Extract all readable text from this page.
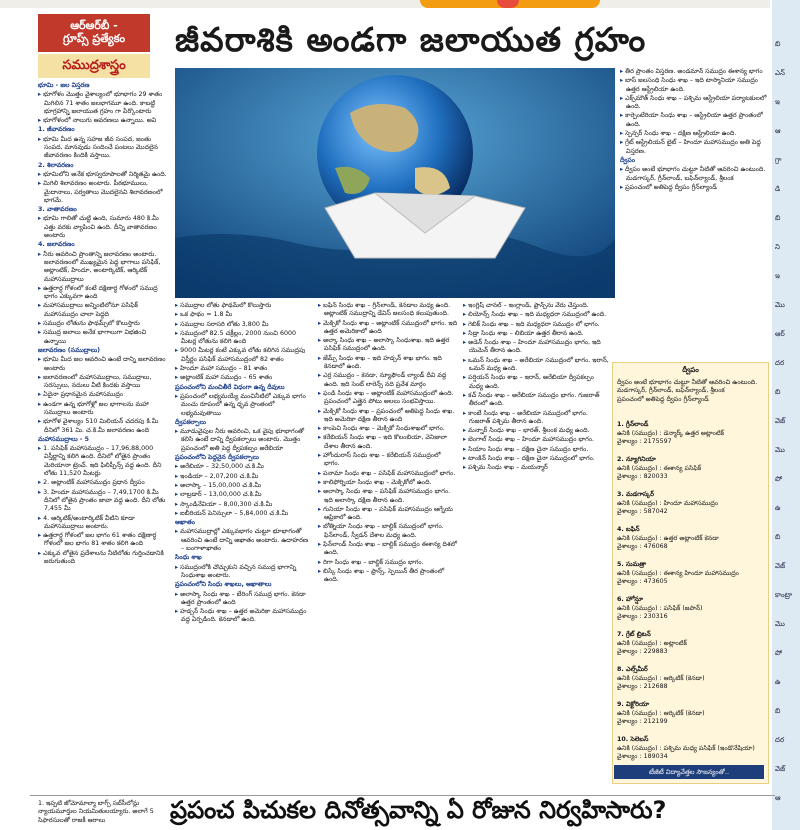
ఆర్‌ఆర్‌బీ -
గ్రూప్స్‌ ప్రత్యేకం
సముద్రశాస్త్రం
జీవరాశికి అండగా జలాయుత గ్రహం

భూమి - జల విస్తరణ

▸ భూగోళం మొత్తం వైశాల్యంలో భూభాగం 29 శాతం మిగిలిన 71 శాతం జలభాగమూ ఉంది. కాబట్టి భూగ్రహాన్ని జలాయుత గ్రహం గా పేర్కొంటారు

▸ భూగోళంలో నాలుగు ఆవరణలు ఉన్నాయి. అవి

1. జీవావరణం

▸ భూమి మీద ఉన్న సహజ జీవ సంపద, జంతు సంపద, మానవుడు సందించే పంటలు మొదలైన జీవావరణం కిందికి వస్తాయి.

2. శిలావరణం

▸ భూమిలోని అనేక భూస్వరూపాలతో నిర్మితమై ఉంది.

▸ మిగిలి శిలావరణం అంటారు. పీఠభూములు, మైదానాలు, పర్వతాలు మొదలైనవి శిలావరణంలో భాగమే.

3. వాతావరణం

▸ భూమి గాలితో చుట్టి ఉంది, సుమారు 480 కి.మీ ఎత్తు వరకు వ్యాపించి ఉంది. దీన్ని వాతావరణం అంటారు

4. జలావరణం

▸ నీరు ఆవరించి ప్రాంతాన్ని జలావరణం అంటారు. జలావరణంలో ముఖ్యమైన పెద్ద భాగాలు పసిఫిక్, అట్లాంటిక్, హిందూ, అంటార్కిటిక్, ఆర్కిటిక్ మహాసముద్రాలు

▸ ఉత్తరార్ధ గోళంలో కంటే దక్షిణార్ధ గోళంలో సముద్ర భాగం ఎక్కువగా ఉంది

▸ మహాసముద్రాలు అన్నింటిలోనూ పసిఫిక్ మహాసముద్రం చాలా పెద్దది

▸ సముద్రం లోతును ఫాథమ్స్‌లో కొలుస్తారు

▸ సముద్ర జలాలు అనేక భాగాలుగా విభజించి ఉన్నాయి

జలావరణం (సముద్రాలు)

▸ భూమి మీద జల ఆవరించి ఉంటే దాన్ని జలావరణం అంటారు

▸ జలావరణంలో మహాసముద్రాలు, సముద్రాలు, సరస్సులు, నదులు వీటి కిందకు వస్తాయి

▸ ఏదైనా ప్రధానమైన మహాసముద్రం

▸ ఉండగా ఉన్న భూగోళ్లో జల భాగాలను మహా సముద్రాలు అంటారు

▸ భూగోళ వైశాల్యం 510 మిలియన్ చదరపు కి.మీ దీనిలో 361 మి. చ.కి.మీ జలావరణం ఉంది

మహాసముద్రాలు - 5

▸ 1. పసిఫిక్ మహాసముద్రం – 17,96,88,000 విస్తీర్ణాన్ని కలిగి ఉంది. దీనిలో లోతైన ప్రాంతం మెరియానా ట్రెంచ్. ఇది ఫిలిప్పీన్స్ వద్ద ఉంది. దీని లోతు 11,520 మీటర్లు

▸ 2. అట్లాంటిక్ మహాసముద్రం ప్రధాన ద్వీపం

▸ 3. హిందూ మహాసముద్రం – 7,49,1700 కి.మీ దీనిలో లోతైన ప్రాంతం జావా వద్ద ఉంది. దీని లోతు 7,455 మీ

▸ 4. ఆర్కిటిక్/అంటార్కిటిక్ వీటిని కూడా మహాసముద్రాలు అంటారు.

▸ ఉత్తరార్ధ గోళంలో జల భాగం 61 శాతం దక్షిణార్ధ గోళంలో జల భాగం 81 శాతం కలిగి ఉంది

▸ ఎక్కువ లోతైన ప్రదేశాలను నీటిలోతు గుర్తించడానికి జరుగుతుంది

▸ సముద్రాల లోతు ఫాథమ్‌లో కొలుస్తారు

▸ ఒక ఫాథం = 1.8 మీ

▸ సముద్రాల సరాసరి లోతు 3,800 మీ

▸ సముద్రంలో 82.5 చక్రీల్లం, 2000 నుంచి 6000 మీటర్ల లోతును కలిగి ఉంది

▸ 9000 మీటర్ల కంటే ఎక్కువ లోతు కలిగిన సముద్రపు విస్తీర్ణం పసిఫిక్ మహాసముద్రంలో 82 శాతం

▸ హిందూ మహా సముద్రం – 81 శాతం

▸ అట్లాంటిక్ మహా సముద్రం – 65 శాతం

ప్రపంచంలోని మంచితీరే విధంగా ఉన్న దీవులు

▸ ప్రపంచంలో లభ్యమయ్యే మంచినీటిలో ఎక్కువ భాగం మంచు రూపంలో ఉన్న ధృవ ప్రాంతంలో లభ్యమవుతాయి

ద్వీపకల్పాలు

▸ మూడువైపుల నీరు ఆవరించి, ఒక వైపు భూభాగంతో కలిసి ఉంటే దాన్ని ద్వీపకల్పాలు అంటారు. మొత్తం ప్రపంచంలో అతి పెద్ద ద్వీపకల్పం అరేబియా

ప్రపంచంలోని పెద్దనైన ద్వీపకల్పాలు

▸ అరేబియా – 32,50,000 చ.కి.మీ

▸ ఇండియా – 2,07,200 చ.కి.మీ

▸ అలాస్కా – 15,00,000 చ.కి.మీ

▸ లాబ్రడార్ – 13,00,000 చ.కి.మీ

▸ స్కాండినేవియా – 8,00,300 చ.కి.మీ

▸ ఐబీరియన్ పెనిన్సులా – 5,84,000 చ.కి.మీ

అఖాతం

▸ మహాసముద్రాల్లో ఎక్కువభాగం చుట్టూ భూభాగంతో ఆవరించి ఉంటే దాన్ని అఖాతం అంటారు. ఉదాహరణ – బంగాళాఖాతం

సింధు శాఖ

▸ సముద్రంలోకి చొచ్చుకుని వచ్చిన సముద్ర భాగాన్ని సింధుశాఖ అంటారు.

ప్రపంచంలోని సింధు శాఖలు, అఖాతాలు

▸ అలాస్కా సింధు శాఖ – బేరింగ్ సముద్ర భాగం. కెనడా ఉత్తర ప్రాంతంలో ఉంది

▸ హడ్సన్ సింధు శాఖ – ఉత్తర అమెరికా మహాసముద్రం వద్ద ఏర్పడింది. కెనడాలో ఉంది.

▸ బఫిన్ సింధు శాఖ – గ్రీన్‌లాండ్, కెనడాల మధ్య ఉంది. అట్లాంటిక్ సముద్రాన్ని డేవిస్ జలసంధి కలుపుతుంది.

▸ మెక్సికో సింధు శాఖ – అట్లాంటిక్ సముద్రంలో భాగం. ఇది ఉత్తర అమెరికాలో ఉంది

▸ అల్కా సింధు శాఖ – అలాస్కా సింధుశాఖ. ఇది ఉత్తర పసిఫిక్ సముద్రంలో ఉంది.

▸ జేమ్స్ సింధు శాఖ – ఇది హడ్సన్ శాఖ భాగం. ఇది కెనడాలో ఉంది.

▸ ఎర్ర సముద్రం – కెనడా, న్యూఫౌండ్ ల్యాండ్ దీవి వద్ద ఉంది. ఇది సెంట్ లారెన్స్ నది ప్రవేశ మార్గం

▸ ఫండి సింధు శాఖ – అట్లాంటిక్ మహాసముద్రంలో ఉంది. ప్రపంచంలో ఎత్తైన పోటు అలలు సంభవిస్తాయి.

▸ మెక్సికో సింధు శాఖ – ప్రపంచంలో అతిపెద్ద సింధు శాఖ. ఇది అమెరికా దక్షిణ తీరాన ఉంది

▸ కాంపెచి సింధు శాఖ – మెక్సికో సింధుశాఖలో భాగం.

▸ కరేబియన్ సింధు శాఖ – ఇది కొలంబియా, వెనిజులా దేశాల తీరాన ఉంది.

▸ హోండురాస్ సింధు శాఖ – కరేబియన్ సముద్రంలో భాగం.

▸ పనామా సింధు శాఖ – పసిఫిక్ మహాసముద్రంలో భాగం.

▸ కాలిఫోర్నియా సింధు శాఖ – మెక్సికోలో ఉంది.

▸ అలాస్కా సింధు శాఖ – పసిఫిక్ మహాసముద్రం భాగం. ఇది అలాస్కా దక్షిణ తీరాన ఉంది.

▸ గునియా సింధు శాఖ – పసిఫిక్ మహాసముద్రం ఆగ్నేయ ఆఫ్రికాలో ఉంది.

▸ బోత్నియా సింధు శాఖ – బాల్టిక్ సముద్రంలో భాగం. ఫిన్‌లాండ్, స్వీడన్ దేశాల మధ్య ఉంది.

▸ ఫిన్‌లాండ్ సింధు శాఖ – బాల్టిక్ సముద్రం ఈశాన్య దిశలో ఉంది.

▸ రిగా సింధు శాఖ – బాల్టిక్ సముద్రం భాగం.

▸ బిస్కే సింధు శాఖ – ఫ్రాన్స్, స్పెయిన్ తీర ప్రాంతంలో ఉంది.

▸ ఇంగ్లిష్ చానల్ – ఇంగ్లాండ్, ఫ్రాన్స్‌ను వేరు చేస్తుంది.

▸ లియోన్స్ సింధు శాఖ – ఇది మధ్యధరా సముద్రంలో ఉంది.

▸ గెబిక్ సింధు శాఖ – ఇది మధ్యధరా సముద్రం లో భాగం.

▸ సిడ్రా సింధు శాఖ – లిబియా ఉత్తర తీరాన ఉంది.

▸ అడెన్ సింధు శాఖ – హిందూ మహాసముద్రం భాగం, ఇది యెమెన్ తీరాన ఉంది.

▸ ఒమన్ సింధు శాఖ – అరేబియా సముద్రంలో భాగం. ఇరాన్, ఒమన్ మధ్య ఉంది.

▸ పర్షియన్ సింధు శాఖ – ఇరాన్, అరేబియా ద్వీపకల్పం మధ్య ఉంది.

▸ కచ్ సింధు శాఖ – అరేబియా సముద్రం భాగం. గుజరాత్ తీరంలో ఉంది.

▸ కాంబే సింధు శాఖ – అరేబియా సముద్రంలో భాగం. గుజరాత్ పశ్చిమ తీరాన ఉంది.

▸ మన్నార్ సింధు శాఖ – భారత్, శ్రీలంక మధ్య ఉంది.

▸ బెంగాల్ సింధు శాఖ – హిందూ మహాసముద్రం భాగం.

▸ సియాం సింధు శాఖ – దక్షిణ చైనా సముద్రం భాగం.

▸ టాంకిన్ సింధు శాఖ – దక్షిణ చైనా సముద్రంలో భాగం.

▸ పశ్చిమ సింధు శాఖ – మయన్మార్

▸ తీర ప్రాంతం విస్తరణ. అండమాన్ సముద్రం ఈశాన్య భాగం

▸ బాస్ జలసంధి సింధు శాఖ – ఇది టాస్మానియా సముద్రం ఉత్తర ఆస్ట్రేలియా ఉంది.

▸ ఎక్స్‌మౌత్ సింధు శాఖ – పశ్చిమ ఆస్ట్రేలియా పర్యాటకులలో ఉంది.

▸ కార్పెంటేరియా సింధు శాఖ – ఆస్ట్రేలియా ఉత్తర ప్రాంతంలో ఉంది.

▸ స్పెన్సర్ సింధు శాఖ – దక్షిణ ఆస్ట్రేలియా ఉంది.

▸ గ్రేట్ ఆస్ట్రేలియన్ బైట్ – హిందూ మహాసముద్రం అతి పెద్ద విస్తరణ.

ద్వీపం

▸ ద్వీపం అంటే భూభాగం చుట్టూ నీటితో ఆవరించి ఉంటుంది. మడగాస్కర్, గ్రీన్‌లాండ్, బఫిన్‌ల్యాండ్, శ్రీలంక

▸ ప్రపంచంలో అతిపెద్ద ద్వీపం గ్రీన్‌ల్యాండ్

ద్వీపం
ద్వీపం అంటే భూభాగం చుట్టూ నీటితో ఆవరించి ఉంటుంది. మడగాస్కర్, గ్రీన్‌లాండ్, బఫిన్‌ల్యాండ్, శ్రీలంక
ప్రపంచంలో అతిపెద్ద ద్వీపం గ్రీన్‌ల్యాండ్
1. గ్రీన్‌లాండ్
ఉనికి (సముద్రం) : డెన్మార్క్ ఉత్తర అట్లాంటిక్
వైశాల్యం : 2175597
2. న్యూగినియా
ఉనికి (సముద్రం) : ఈశాన్య పసిఫిక్
వైశాల్యం : 820033
3. మడగాస్కర్
ఉనికి (సముద్రం) : హిందూ మహాసముద్రం
వైశాల్యం : 587042
4. బఫిన్
ఉనికి (సముద్రం) : ఉత్తర అట్లాంటిక్ కెనడా
వైశాల్యం : 476068
5. సుమత్రా
ఉనికి (సముద్రం) : ఈశాన్య హిందూ మహాసముద్రం
వైశాల్యం : 473605
6. హోన్షూ
ఉనికి (సముద్రం) : పసిఫిక్ (జపాన్)
వైశాల్యం : 230316
7. గ్రేట్ బ్రిటన్
ఉనికి (సముద్రం) : అట్లాంటిక్
వైశాల్యం : 229883
8. ఎల్స్‌మీర్
ఉనికి (సముద్రం) : ఆర్కిటిక్ (కెనడా)
వైశాల్యం : 212688
9. విక్టోరియా
ఉనికి (సముద్రం) : ఆర్కిటిక్ (కెనడా)
వైశాల్యం : 212199
10. సెలెబస్
ఉనికి (సముద్రం) : పశ్చిమ మధ్య పసిఫిక్ (ఇండొనేషియా)
వైశాల్యం : 189034
టీజీటీ విద్యావేత్తల సౌజన్యంతో..
బి
ఎన్
ఇ
ఆ
గ్రా
డి
బి
ని
ఇ
మొ
ఆర్
దర
బి
వెజ్
మొ
పో
ఉ
బి
వెజ్
కాంట్రా
మొ
పో
ఉ
బి
దర
వెజ్
ఆ
1. ఇప్పటి జోమోమాల్మా బాగ్స్ సబ్‌సీలోన్లు న్యాయమూర్తుల నియమితులయ్యారు. అలాగే 5 సిఫారసులతో రాజకీ ఆరాలు	ప్రపంచ పిచుకల దినోత్సవాన్ని ఏ రోజున నిర్వహిసారు?
